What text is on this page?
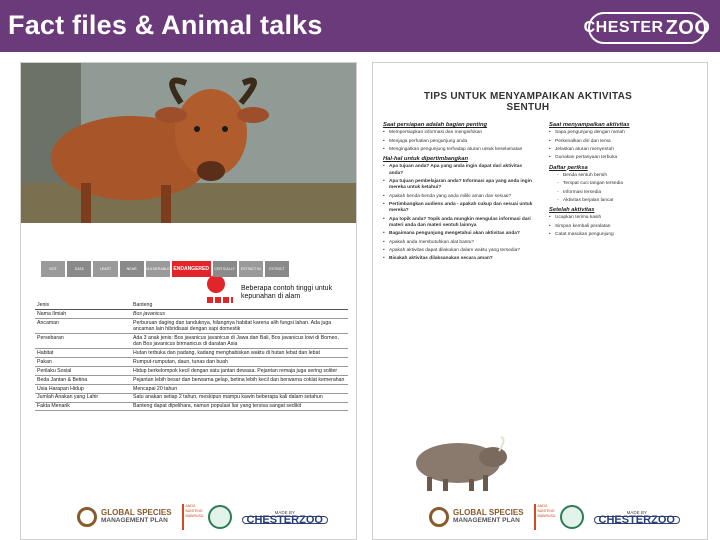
Fact files & Animal talks	CHESTER ZOO
Beberapa contoh tinggi untuk kepunahan di alam
NOT	DATA	LEAST	NEAR	VULNERABLE ENDANGERED	CRITICALLY	EXTINCT IN	EXTINCT
Jenis	Banteng
Nama Ilmiah	Bos javanicus
Ancaman	Perburuan daging dan tanduknya, hilangnya habitat karena alih fungsi lahan. Ada juga ancaman lain hibridisasi dengan sapi domestik
Persebaran	Ada 3 anak jenis: Bos javanicus javanicus di Jawa dan Bali, Bos javanicus lowi di Borneo, dan Bos javanicus birmanicus di daratan Asia
Habitat	Hutan terbuka dan padang, kadang menghabiskan waktu di hutan lebat dan lebat
Pakan	Rumput-rumputan, daun, tunas dan buah
Perilaku Sosial	Hidup berkelompok kecil dengan satu jantan dewasa. Pejantan remaja juga sering soliter
Beda Jantan & Betina	Pejantan lebih besar dan berwarna gelap, betina lebih kecil dan berwarna coklat kemerahan
Usia Harapan Hidup	Mencapai 20 tahun
Jumlah Anakan yang Lahir	Satu anakan setiap 2 tahun, meskipun mampu kawin beberapa kali dalam setahun
Fakta Menarik	Banteng dapat dipelihara, namun populasi liar yang tersisa sangat sedikit
GLOBAL SPECIES
MANAGEMENT PLAN
ANOA BANTENG BABIRUSA
MADE BY
CHESTERZOO
TIPS UNTUK MENYAMPAIKAN AKTIVITAS SENTUH
Saat persiapan adalah bagian penting
• Mempersiapkan informasi dan menginfokan
• Menjaga perhatian pengunjung anda
• Mengingatkan pengunjung terhadap aturan untuk keselamatan
Hal-hal untuk dipertimbangkan
• Apa tujuan anda? Apa yang anda ingin dapat dari aktivitas anda?
• Apa tujuan pembelajaran anda? Informasi apa yang anda ingin mereka untuk ketahui?
• Apakah benda-benda yang anda miliki aman dan sesuai?
• Pertimbangkan audiens anda - apakah cukup dan sesuai untuk mereka?
• Apa topik anda? Topik anda mungkin mengulas informasi dari materi anda dan materi sentuh lainnya
• Bagaimana pengunjung mengetahui akan aktivitas anda?
• Apakah anda membutuhkan alat bantu?
• Apakah aktivitas dapat dilakukan dalam waktu yang tersedia?
• Bisakah aktivitas dilaksanakan secara aman?
Saat menyampaikan aktivitas
• Sapa pengunjung dengan ramah
• Perkenalkan diri dan tema
• Jelaskan aturan menyentuh
• Gunakan pertanyaan terbuka
Daftar periksa
- Benda sentuh bersih
- Tempat cuci tangan tersedia
- Informasi tersedia
- Aktivitas berjalan lancar
Setelah aktivitas
• Ucapkan terima kasih
• Simpan kembali peralatan
• Catat masukan pengunjung
GLOBAL SPECIES
MANAGEMENT PLAN
ANOA BANTENG BABIRUSA
MADE BY
CHESTERZOO
